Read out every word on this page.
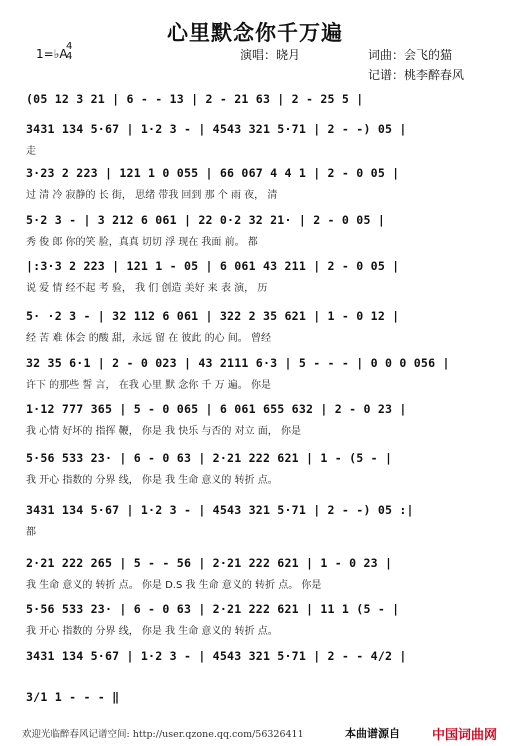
心里默念你千万遍
1=♭A
4
4	演唱：晓月	词曲：会飞的猫
记谱：桃李醉春风
(05 12 3 21 | 6 - - 13 | 2 - 21 63 | 2 - 25 5 |
3431 134 5·67 | 1·2 3 - | 4543 321 5·71 | 2 - -) 05 |
走
3·23 2 223 | 121 1 0 055 | 66 067 4 4 1 | 2 - 0 05 |
过 清 冷 寂静的 长 街， 思绪 带我 回到 那 个 雨 夜， 清
5·2 3 - | 3 212 6 061 | 22 0·2 32 21· | 2 - 0 05 |
秀 俊 郎 你的笑 脸，真真 切切 浮 现在 我面 前。 都
|:3·3 2 223 | 121 1 - 05 | 6 061 43 211 | 2 - 0 05 |
说 爱 情 经不起 考 验， 我 们 创造 美好 来 表 演， 历
5· ·2 3 - | 32 112 6 061 | 322 2 35 621 | 1 - 0 12 |
经 苦 难 体会 的酸 甜，永远 留 在 彼此 的心 间。 曾经
32 35 6·1 | 2 - 0 023 | 43 2111 6·3 | 5 - - - | 0 0 0 056 |
许下 的那些 誓 言， 在我 心里 默 念你 千 万 遍。 你是
1·12 777 365 | 5 - 0 065 | 6 061 655 632 | 2 - 0 23 |
我 心情 好坏的 指挥 鞭， 你是 我 快乐 与否的 对立 面， 你是
5·56 533 23· | 6 - 0 63 | 2·21 222 621 | 1 - (5 - |
我 开心 指数的 分界 线， 你是 我 生命 意义的 转折 点。
3431 134 5·67 | 1·2 3 - | 4543 321 5·71 | 2 - -) 05 :|
都
2·21 222 265 | 5 - - 56 | 2·21 222 621 | 1 - 0 23 |
我 生命 意义的 转折 点。 你是 D.S 我 生命 意义的 转折 点。 你是
5·56 533 23· | 6 - 0 63 | 2·21 222 621 | 11 1 (5 - |
我 开心 指数的 分界 线， 你是 我 生命 意义的 转折 点。
3431 134 5·67 | 1·2 3 - | 4543 321 5·71 | 2 - - 4/2 |
3/1 1 - - - ‖
欢迎光临醉春风记谱空间: http://user.qzone.qq.com/56326411	本曲谱源自 中国词曲网
